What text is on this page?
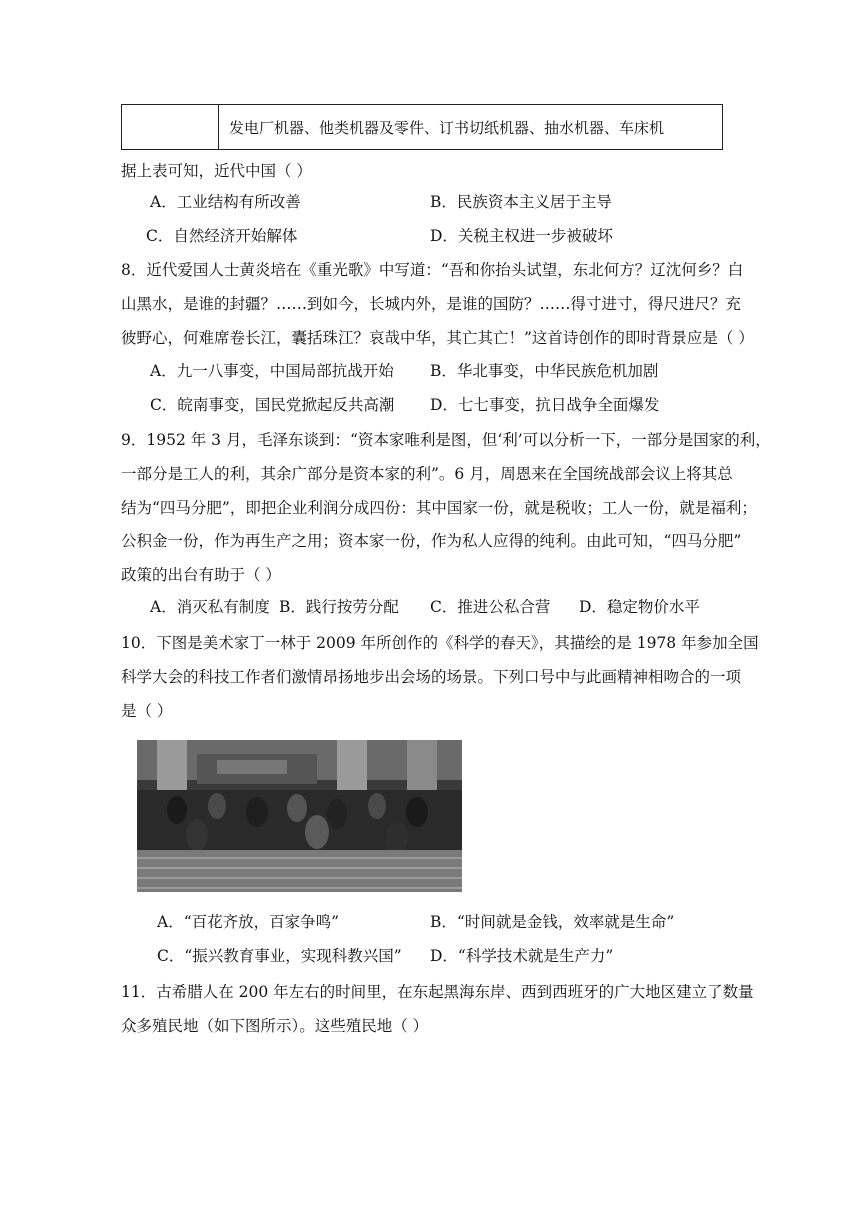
	发电厂机器、他类机器及零件、订书切纸机器、抽水机器、车床机
据上表可知，近代中国（ ）
A．工业结构有所改善	B．民族资本主义居于主导
C．自然经济开始解体	D．关税主权进一步被破坏
8．近代爱国人士黄炎培在《重光歌》中写道：“吾和你抬头试望，东北何方？辽沈何乡？白
山黑水，是谁的封疆？……到如今，长城内外，是谁的国防？……得寸进寸，得尺进尺？充
彼野心，何难席卷长江，囊括珠江？哀哉中华，其亡其亡！”这首诗创作的即时背景应是（ ）
A．九一八事变，中国局部抗战开始 B．华北事变，中华民族危机加剧
C．皖南事变，国民党掀起反共高潮 D．七七事变，抗日战争全面爆发
9．1952 年 3 月，毛泽东谈到：“资本家唯利是图，但‘利’可以分析一下，一部分是国家的利，
一部分是工人的利，其余广部分是资本家的利”。6 月，周恩来在全国统战部会议上将其总
结为“四马分肥”，即把企业利润分成四份：其中国家一份，就是税收；工人一份，就是福利；
公积金一份，作为再生产之用；资本家一份，作为私人应得的纯利。由此可知，“四马分肥”
政策的出台有助于（ ）
A．消灭私有制度 B．践行按劳分配 C．推进公私合营 D．稳定物价水平
10．下图是美术家丁一林于 2009 年所创作的《科学的春天》，其描绘的是 1978 年参加全国
科学大会的科技工作者们激情昂扬地步出会场的场景。下列口号中与此画精神相吻合的一项
是（ ）
A．“百花齐放，百家争鸣”	B．“时间就是金钱，效率就是生命”
C．“振兴教育事业，实现科教兴国” D．“科学技术就是生产力”
11．古希腊人在 200 年左右的时间里，在东起黑海东岸、西到西班牙的广大地区建立了数量
众多殖民地（如下图所示）。这些殖民地（ ）
